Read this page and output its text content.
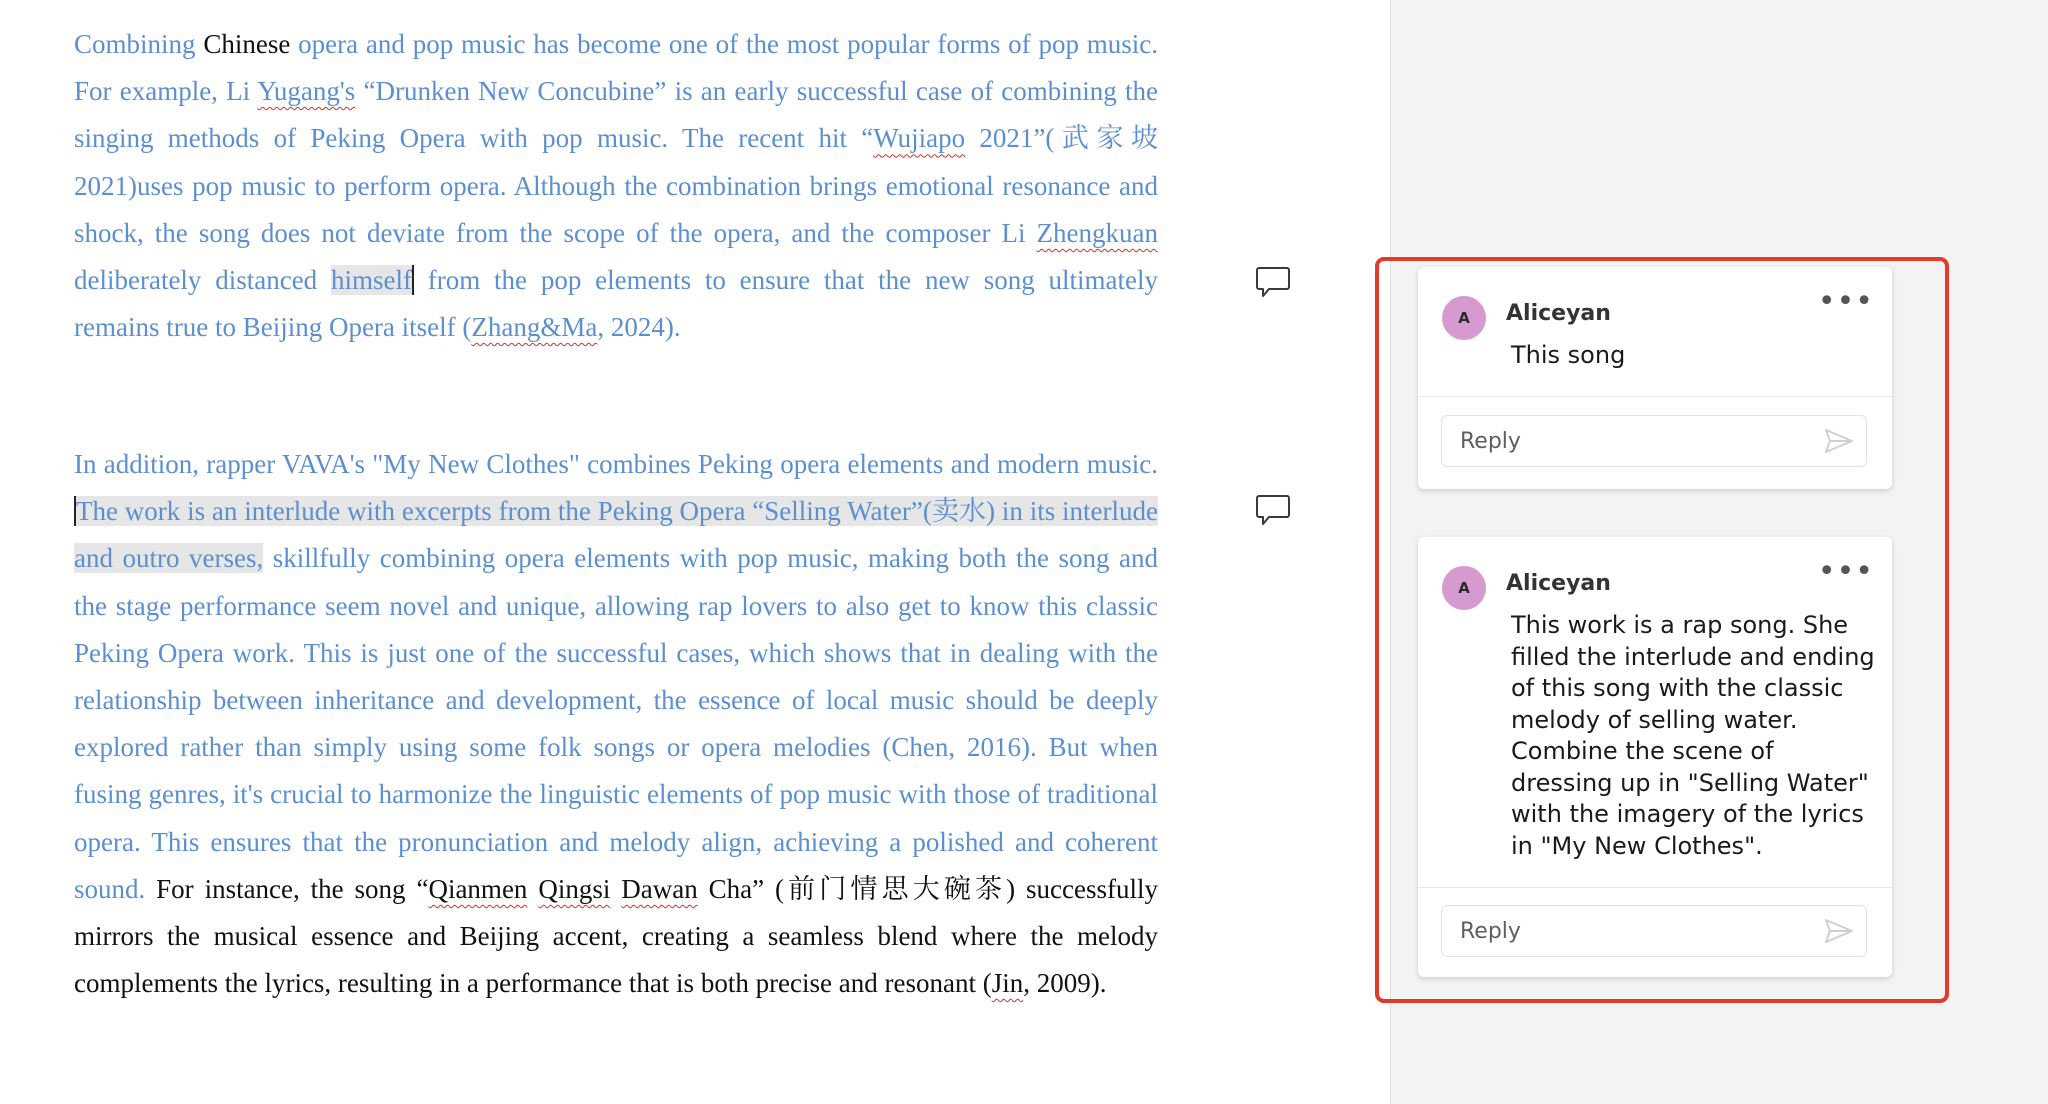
Combining Chinese opera and pop music has become one of the most popular forms of pop music. For example, Li Yugang's “Drunken New Concubine” is an early successful case of combining the singing methods of Peking Opera with pop music. The recent hit “Wujiapo 2021”(武家坡 2021)uses pop music to perform opera. Although the combination brings emotional resonance and shock, the song does not deviate from the scope of the opera, and the composer Li Zhengkuan deliberately distanced himself from the pop elements to ensure that the new song ultimately remains true to Beijing Opera itself (Zhang&Ma, 2024).
In addition, rapper VAVA's "My New Clothes" combines Peking opera elements and modern music. The work is an interlude with excerpts from the Peking Opera “Selling Water”(卖水) in its interlude and outro verses, skillfully combining opera elements with pop music, making both the song and the stage performance seem novel and unique, allowing rap lovers to also get to know this classic Peking Opera work. This is just one of the successful cases, which shows that in dealing with the relationship between inheritance and development, the essence of local music should be deeply explored rather than simply using some folk songs or opera melodies (Chen, 2016). But when fusing genres, it's crucial to harmonize the linguistic elements of pop music with those of traditional opera. This ensures that the pronunciation and melody align, achieving a polished and coherent sound. For instance, the song “Qianmen Qingsi Dawan Cha” (前门情思大碗茶) successfully mirrors the musical essence and Beijing accent, creating a seamless blend where the melody complements the lyrics, resulting in a performance that is both precise and resonant (Jin, 2009).
A	Aliceyan	•••
This song
Reply
A	Aliceyan	•••
This work is a rap song. She filled the interlude and ending of this song with the classic melody of selling water. Combine the scene of dressing up in "Selling Water" with the imagery of the lyrics in "My New Clothes".
Reply
